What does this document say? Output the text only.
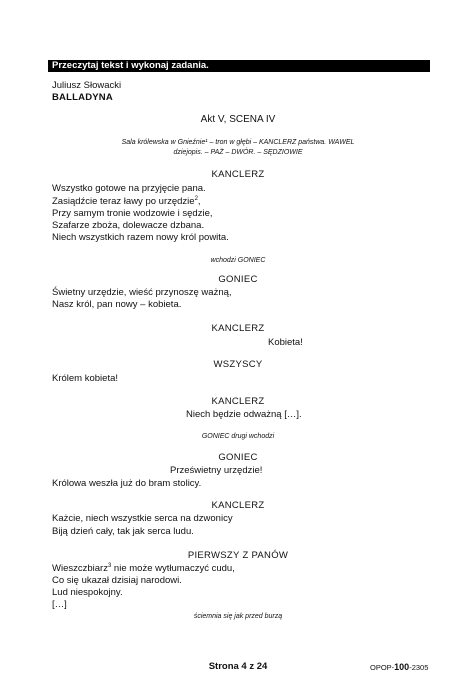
Przeczytaj tekst i wykonaj zadania.
Juliusz Słowacki
BALLADYNA
Akt V, SCENA IV
Sala królewska w Gnieźnie¹ – tron w głębi – KANCLERZ państwa. WAWEL
dziejopis. – PAŻ – DWÓR. – SĘDZIOWIE
KANCLERZ
Wszystko gotowe na przyjęcie pana.
Zasiądźcie teraz ławy po urzędzie$^2$,
Przy samym tronie wodzowie i sędzie,
Szafarze zboża, dolewacze dzbana.
Niech wszystkich razem nowy król powita.
wchodzi GONIEC
GONIEC
Świetny urzędzie, wieść przynoszę ważną,
Nasz król, pan nowy – kobieta.
KANCLERZ
Kobieta!
WSZYSCY
Królem kobieta!
KANCLERZ
Niech będzie odważną […].
GONIEC drugi wchodzi
GONIEC
Prześwietny urzędzie!
Królowa weszła już do bram stolicy.
KANCLERZ
Każcie, niech wszystkie serca na dzwonicy
Biją dzień cały, tak jak serca ludu.
PIERWSZY Z PANÓW
Wieszczbiarz$^3$ nie może wytłumaczyć cudu,
Co się ukazał dzisiaj narodowi.
Lud niespokojny.
[…]
ściemnia się jak przed burzą
Strona 4 z 24	OPOP-100-2305
